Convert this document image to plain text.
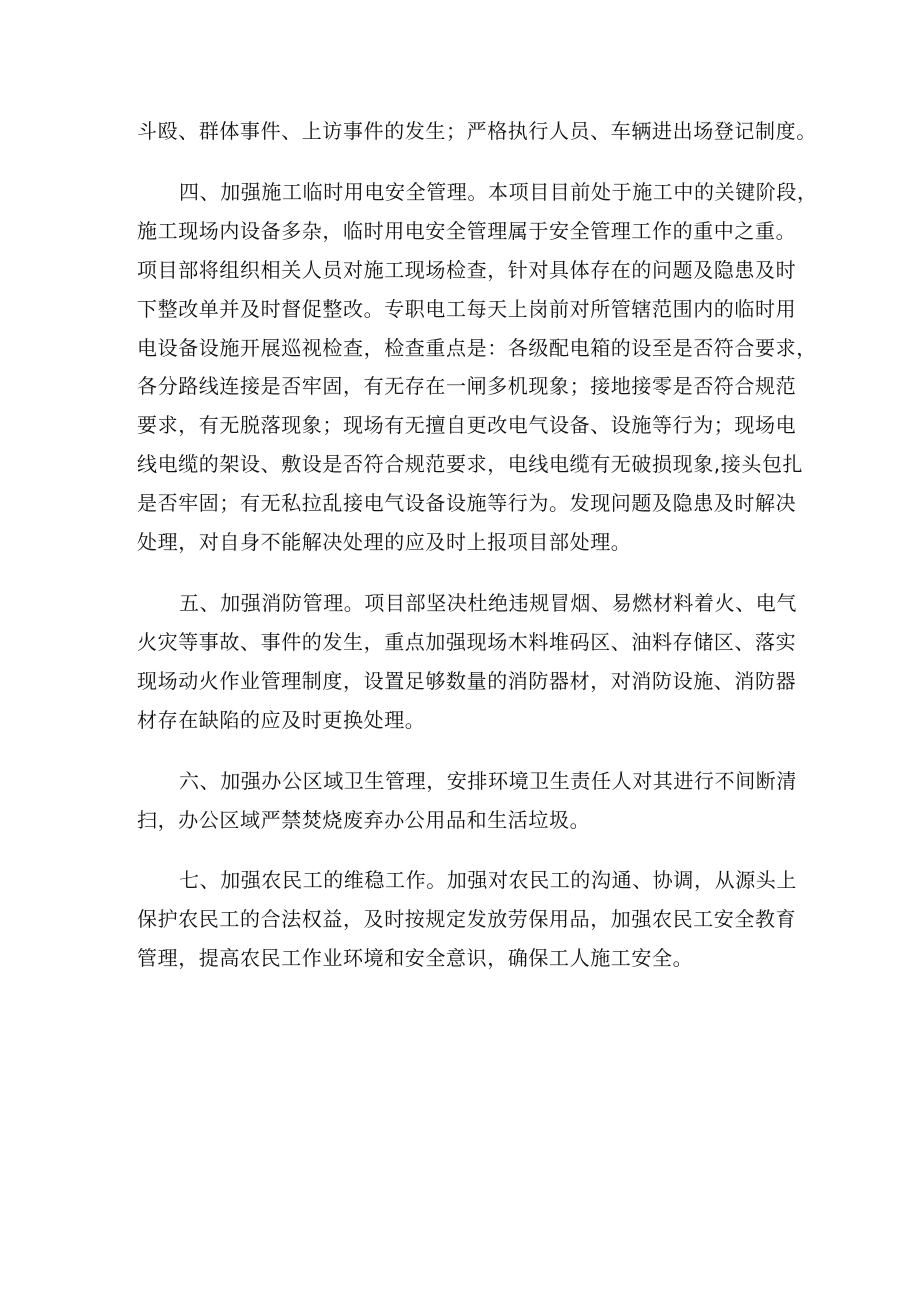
斗殴、群体事件、上访事件的发生；严格执行人员、车辆进出场登记制度。

四、加强施工临时用电安全管理。本项目目前处于施工中的关键阶段，
施工现场内设备多杂，临时用电安全管理属于安全管理工作的重中之重。
项目部将组织相关人员对施工现场检查，针对具体存在的问题及隐患及时
下整改单并及时督促整改。专职电工每天上岗前对所管辖范围内的临时用
电设备设施开展巡视检查，检查重点是：各级配电箱的设至是否符合要求，
各分路线连接是否牢固，有无存在一闸多机现象；接地接零是否符合规范
要求，有无脱落现象；现场有无擅自更改电气设备、设施等行为；现场电
线电缆的架设、敷设是否符合规范要求，电线电缆有无破损现象,接头包扎
是否牢固；有无私拉乱接电气设备设施等行为。发现问题及隐患及时解决
处理，对自身不能解决处理的应及时上报项目部处理。

五、加强消防管理。项目部坚决杜绝违规冒烟、易燃材料着火、电气
火灾等事故、事件的发生，重点加强现场木料堆码区、油料存储区、落实
现场动火作业管理制度，设置足够数量的消防器材，对消防设施、消防器
材存在缺陷的应及时更换处理。

六、加强办公区域卫生管理，安排环境卫生责任人对其进行不间断清
扫，办公区域严禁焚烧废弃办公用品和生活垃圾。

七、加强农民工的维稳工作。加强对农民工的沟通、协调，从源头上
保护农民工的合法权益，及时按规定发放劳保用品，加强农民工安全教育
管理，提高农民工作业环境和安全意识，确保工人施工安全。
